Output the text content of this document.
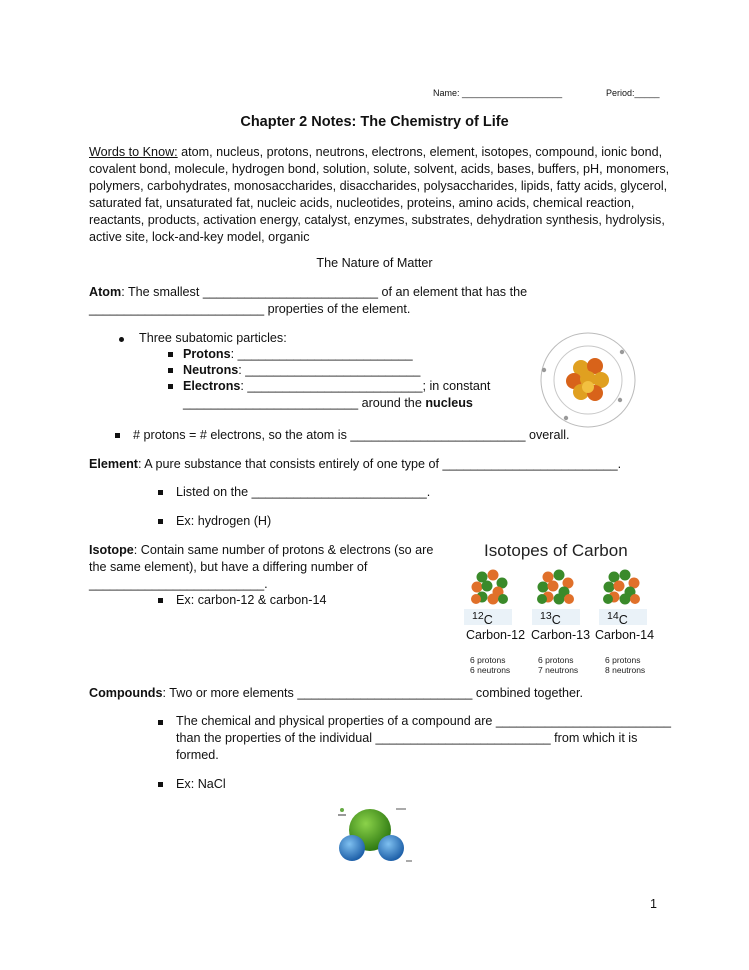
Name: ____________________	Period:_____
Chapter 2 Notes: The Chemistry of Life
Words to Know: atom, nucleus, protons, neutrons, electrons, element, isotopes, compound, ionic bond,
covalent bond, molecule, hydrogen bond, solution, solute, solvent, acids, bases, buffers, pH, monomers,
polymers, carbohydrates, monosaccharides, disaccharides, polysaccharides, lipids, fatty acids, glycerol,
saturated fat, unsaturated fat, nucleic acids, nucleotides, proteins, amino acids, chemical reaction,
reactants, products, activation energy, catalyst, enzymes, substrates, dehydration synthesis, hydrolysis,
active site, lock-and-key model, organic
The Nature of Matter
Atom: The smallest _________________________ of an element that has the
_________________________ properties of the element.
Three subatomic particles:
Protons: _________________________
Neutrons: _________________________
Electrons: _________________________; in constant
_________________________ around the nucleus
# protons = # electrons, so the atom is _________________________ overall.
Element: A pure substance that consists entirely of one type of _________________________.
Listed on the _________________________.
Ex: hydrogen (H)
Isotope: Contain same number of protons & electrons (so are
the same element), but have a differing number of
_________________________.
Ex: carbon-12 & carbon-14
Isotopes of Carbon
$^{12}$C	$^{13}$C	$^{14}$C
Carbon-12 Carbon-13 Carbon-14
6 protons
6 neutrons
6 protons
7 neutrons
6 protons
8 neutrons
Compounds: Two or more elements _________________________ combined together.
The chemical and physical properties of a compound are _________________________
than the properties of the individual _________________________ from which it is
formed.
Ex: NaCl
1
